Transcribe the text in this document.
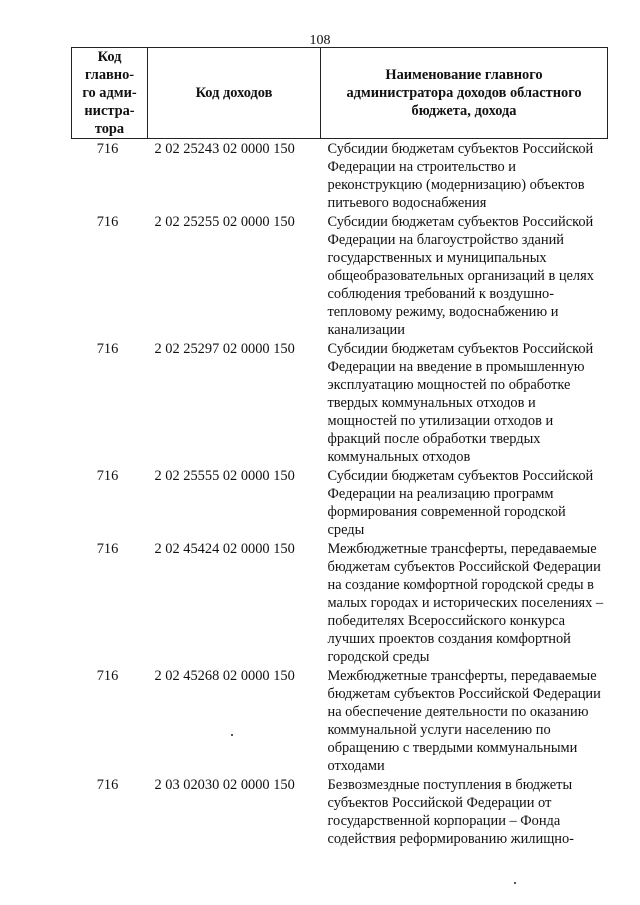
108
Код
главно-
го адми-
нистра-
тора	Код доходов	Наименование главного администратора доходов областного бюджета, дохода
716	2 02 25243 02 0000 150	Субсидии бюджетам субъектов Российской Федерации на строительство и реконструкцию (модернизацию) объектов питьевого водоснабжения
716	2 02 25255 02 0000 150	Субсидии бюджетам субъектов Российской Федерации на благоустройство зданий государственных и муниципальных общеобразовательных организаций в целях соблюдения требований к воздушно-тепловому режиму, водоснабжению и канализации
716	2 02 25297 02 0000 150	Субсидии бюджетам субъектов Российской Федерации на введение в промышленную эксплуатацию мощностей по обработке твердых коммунальных отходов и мощностей по утилизации отходов и фракций после обработки твердых коммунальных отходов
716	2 02 25555 02 0000 150	Субсидии бюджетам субъектов Российской Федерации на реализацию программ формирования современной городской среды
716	2 02 45424 02 0000 150	Межбюджетные трансферты, передаваемые бюджетам субъектов Российской Федерации на создание комфортной городской среды в малых городах и исторических поселениях – победителях Всероссийского конкурса лучших проектов создания комфортной городской среды
716	2 02 45268 02 0000 150	Межбюджетные трансферты, передаваемые бюджетам субъектов Российской Федерации на обеспечение деятельности по оказанию коммунальной услуги населению по обращению с твердыми коммунальными отходами
716	2 03 02030 02 0000 150	Безвозмездные поступления в бюджеты субъектов Российской Федерации от государственной корпорации – Фонда содействия реформированию жилищно-
